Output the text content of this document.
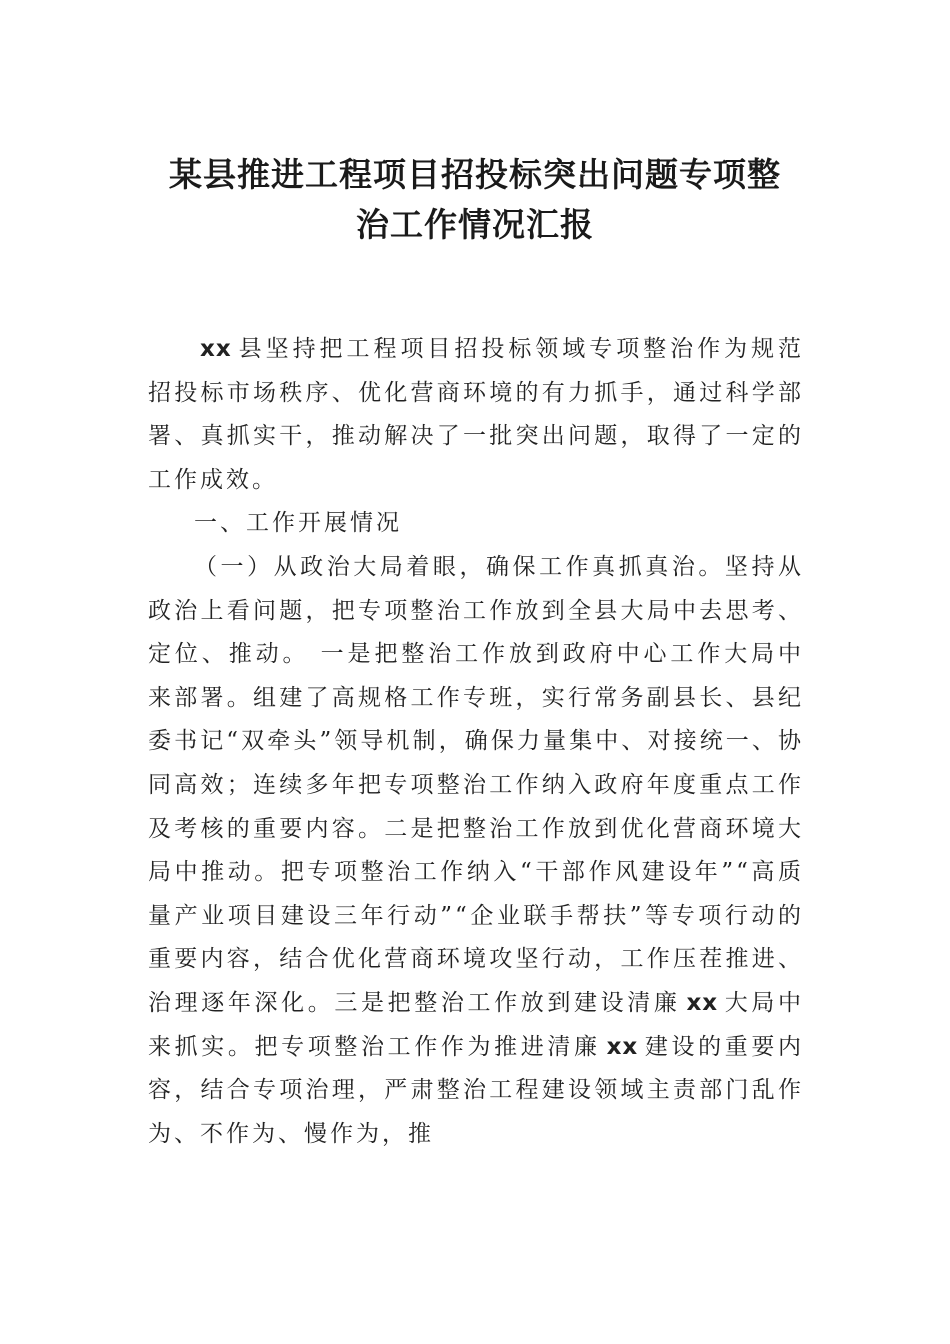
某县推进工程项目招投标突出问题专项整
治工作情况汇报

xx 县坚持把工程项目招投标领域专项整治作为规范招投标市场秩序、优化营商环境的有力抓手，通过科学部署、真抓实干，推动解决了一批突出问题，取得了一定的工作成效。

一、工作开展情况

（一）从政治大局着眼，确保工作真抓真治。坚持从政治上看问题，把专项整治工作放到全县大局中去思考、定位、推动。 一是把整治工作放到政府中心工作大局中来部署。组建了高规格工作专班，实行常务副县长、县纪委书记“双牵头”领导机制，确保力量集中、对接统一、协同高效；连续多年把专项整治工作纳入政府年度重点工作及考核的重要内容。二是把整治工作放到优化营商环境大局中推动。把专项整治工作纳入“干部作风建设年”“高质量产业项目建设三年行动”“企业联手帮扶”等专项行动的重要内容，结合优化营商环境攻坚行动，工作压茬推进、治理逐年深化。三是把整治工作放到建设清廉 xx 大局中来抓实。把专项整治工作作为推进清廉 xx 建设的重要内容，结合专项治理，严肃整治工程建设领域主责部门乱作为、不作为、慢作为，推
